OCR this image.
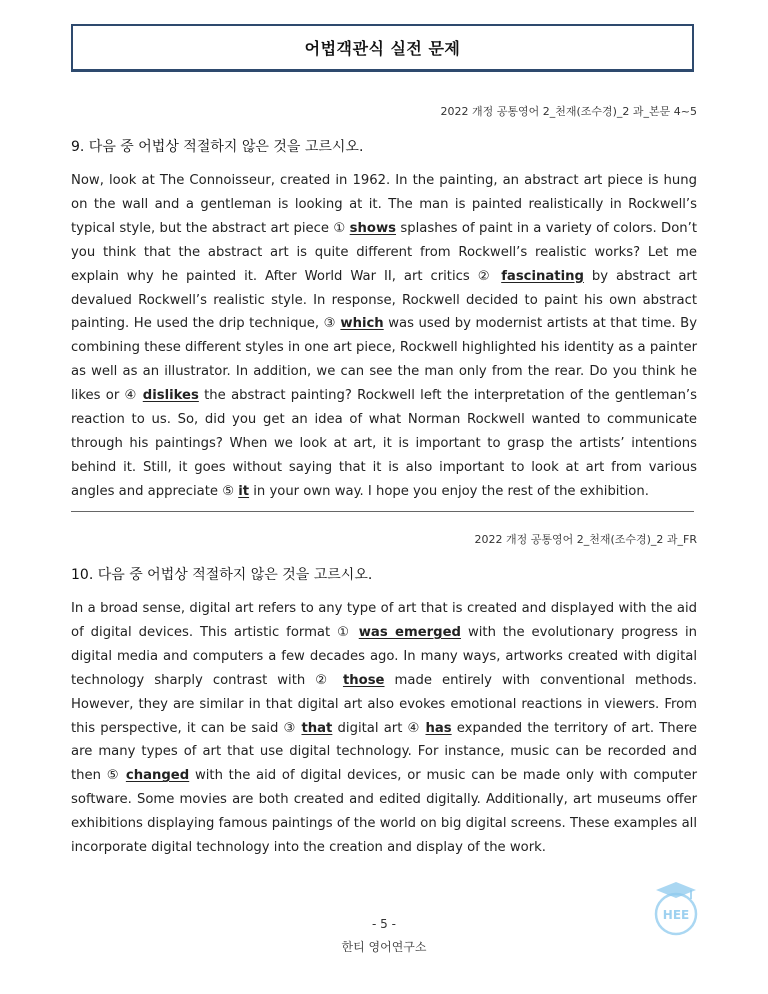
어법객관식 실전 문제
2022 개정 공통영어 2_천재(조수경)_2 과_본문 4~5
9. 다음 중 어법상 적절하지 않은 것을 고르시오.
Now, look at The Connoisseur, created in 1962. In the painting, an abstract art piece is hung on the wall and a gentleman is looking at it. The man is painted realistically in Rockwell’s typical style, but the abstract art piece ① shows splashes of paint in a variety of colors. Don’t you think that the abstract art is quite different from Rockwell’s realistic works? Let me explain why he painted it. After World War II, art critics ② fascinating by abstract art devalued Rockwell’s realistic style. In response, Rockwell decided to paint his own abstract painting. He used the drip technique, ③ which was used by modernist artists at that time. By combining these different styles in one art piece, Rockwell highlighted his identity as a painter as well as an illustrator. In addition, we can see the man only from the rear. Do you think he likes or ④ dislikes the abstract painting? Rockwell left the interpretation of the gentleman’s reaction to us. So, did you get an idea of what Norman Rockwell wanted to communicate through his paintings? When we look at art, it is important to grasp the artists’ intentions behind it. Still, it goes without saying that it is also important to look at art from various angles and appreciate ⑤ it in your own way. I hope you enjoy the rest of the exhibition.
2022 개정 공통영어 2_천재(조수경)_2 과_FR
10. 다음 중 어법상 적절하지 않은 것을 고르시오.
In a broad sense, digital art refers to any type of art that is created and displayed with the aid of digital devices. This artistic format ① was emerged with the evolutionary progress in digital media and computers a few decades ago. In many ways, artworks created with digital technology sharply contrast with ② those made entirely with conventional methods. However, they are similar in that digital art also evokes emotional reactions in viewers. From this perspective, it can be said ③ that digital art ④ has expanded the territory of art. There are many types of art that use digital technology. For instance, music can be recorded and then ⑤ changed with the aid of digital devices, or music can be made only with computer software. Some movies are both created and edited digitally. Additionally, art museums offer exhibitions displaying famous paintings of the world on big digital screens. These examples all incorporate digital technology into the creation and display of the work.
- 5 -
한티 영어연구소
HEE
